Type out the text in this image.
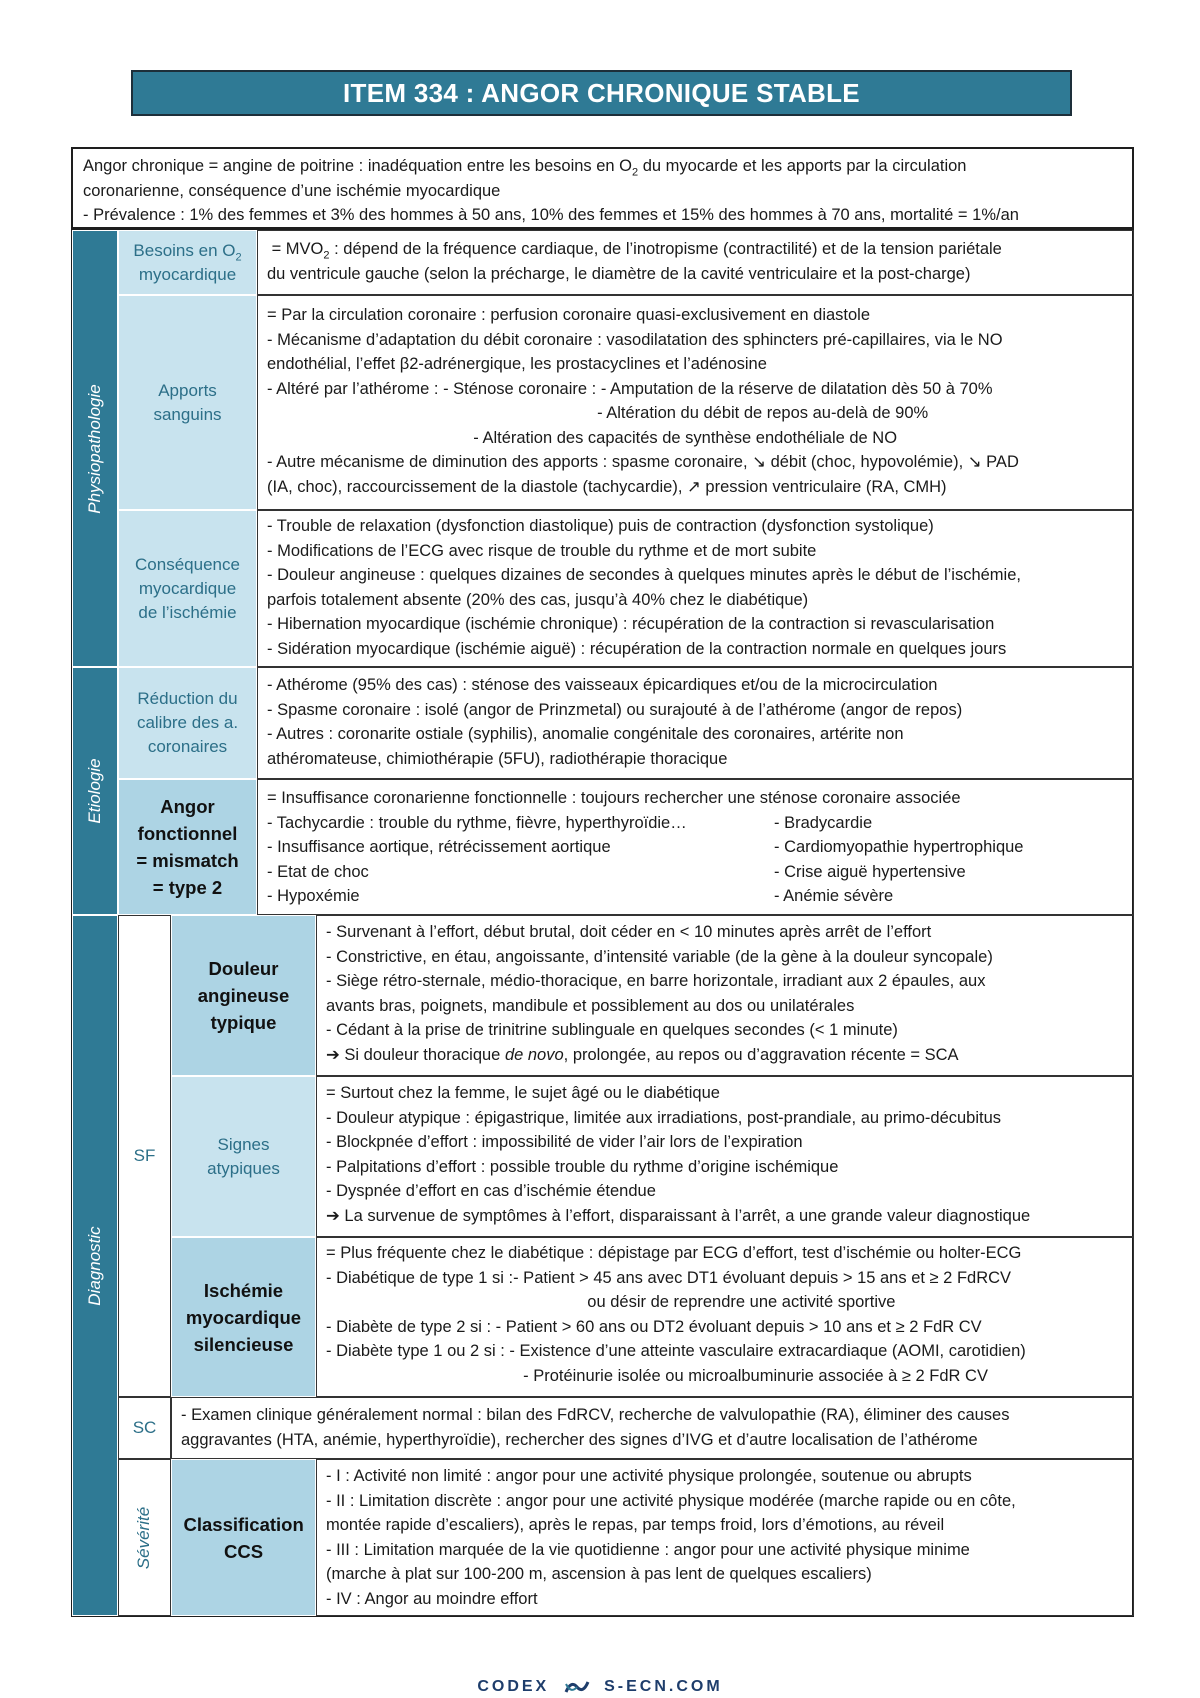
ITEM 334 : ANGOR CHRONIQUE STABLE
Angor chronique = angine de poitrine : inadéquation entre les besoins en $O_2$ du myocarde et les apports par la circulation
coronarienne, conséquence d’une ischémie myocardique
- Prévalence : 1% des femmes et 3% des hommes à 50 ans, 10% des femmes et 15% des hommes à 70 ans, mortalité = 1%/an
Physiopathologie
Etiologie
Diagnostic
Besoins en $O_2$
myocardique
= $MVO_2$ : dépend de la fréquence cardiaque, de l’inotropisme (contractilité) et de la tension pariétale
du ventricule gauche (selon la précharge, le diamètre de la cavité ventriculaire et la post-charge)
Apports sanguins
= Par la circulation coronaire : perfusion coronaire quasi-exclusivement en diastole
- Mécanisme d’adaptation du débit coronaire : vasodilatation des sphincters pré-capillaires, via le NO
endothélial, l’effet β2-adrénergique, les prostacyclines et l’adénosine
- Altéré par l’athérome : - Sténose coronaire : - Amputation de la réserve de dilatation dès 50 à 70%
- Altération du débit de repos au-delà de 90%
- Altération des capacités de synthèse endothéliale de NO
- Autre mécanisme de diminution des apports : spasme coronaire, ↘ débit (choc, hypovolémie), ↘ PAD
(IA, choc), raccourcissement de la diastole (tachycardie), ↗ pression ventriculaire (RA, CMH)
Conséquence myocardique de l’ischémie
- Trouble de relaxation (dysfonction diastolique) puis de contraction (dysfonction systolique)
- Modifications de l’ECG avec risque de trouble du rythme et de mort subite
- Douleur angineuse : quelques dizaines de secondes à quelques minutes après le début de l’ischémie,
parfois totalement absente (20% des cas, jusqu’à 40% chez le diabétique)
- Hibernation myocardique (ischémie chronique) : récupération de la contraction si revascularisation
- Sidération myocardique (ischémie aiguë) : récupération de la contraction normale en quelques jours
Réduction du calibre des a. coronaires
- Athérome (95% des cas) : sténose des vaisseaux épicardiques et/ou de la microcirculation
- Spasme coronaire : isolé (angor de Prinzmetal) ou surajouté à de l’athérome (angor de repos)
- Autres : coronarite ostiale (syphilis), anomalie congénitale des coronaires, artérite non
athéromateuse, chimiothérapie (5FU), radiothérapie thoracique
Angor fonctionnel = mismatch = type 2
= Insuffisance coronarienne fonctionnelle : toujours rechercher une sténose coronaire associée
- Tachycardie : trouble du rythme, fièvre, hyperthyroïdie…
- Insuffisance aortique, rétrécissement aortique
- Etat de choc
- Hypoxémie
- Bradycardie
- Cardiomyopathie hypertrophique
- Crise aiguë hypertensive
- Anémie sévère
SF
Douleur angineuse typique
- Survenant à l’effort, début brutal, doit céder en < 10 minutes après arrêt de l’effort
- Constrictive, en étau, angoissante, d’intensité variable (de la gène à la douleur syncopale)
- Siège rétro-sternale, médio-thoracique, en barre horizontale, irradiant aux 2 épaules, aux
avants bras, poignets, mandibule et possiblement au dos ou unilatérales
- Cédant à la prise de trinitrine sublinguale en quelques secondes (< 1 minute)
➔ Si douleur thoracique de novo, prolongée, au repos ou d’aggravation récente = SCA
Signes atypiques
= Surtout chez la femme, le sujet âgé ou le diabétique
- Douleur atypique : épigastrique, limitée aux irradiations, post-prandiale, au primo-décubitus
- Blockpnée d’effort : impossibilité de vider l’air lors de l’expiration
- Palpitations d’effort : possible trouble du rythme d’origine ischémique
- Dyspnée d’effort en cas d’ischémie étendue
➔ La survenue de symptômes à l’effort, disparaissant à l’arrêt, a une grande valeur diagnostique
Ischémie myocardique silencieuse
= Plus fréquente chez le diabétique : dépistage par ECG d’effort, test d’ischémie ou holter-ECG
- Diabétique de type 1 si :- Patient > 45 ans avec DT1 évoluant depuis > 15 ans et ≥ 2 FdRCV
ou désir de reprendre une activité sportive
- Diabète de type 2 si : - Patient > 60 ans ou DT2 évoluant depuis > 10 ans et ≥ 2 FdR CV
- Diabète type 1 ou 2 si : - Existence d’une atteinte vasculaire extracardiaque (AOMI, carotidien)
- Protéinurie isolée ou microalbuminurie associée à ≥ 2 FdR CV
SC
- Examen clinique généralement normal : bilan des FdRCV, recherche de valvulopathie (RA), éliminer des causes
aggravantes (HTA, anémie, hyperthyroïdie), rechercher des signes d’IVG et d’autre localisation de l’athérome
Sévérité Classification CCS
- I : Activité non limité : angor pour une activité physique prolongée, soutenue ou abrupts
- II : Limitation discrète : angor pour une activité physique modérée (marche rapide ou en côte,
montée rapide d’escaliers), après le repas, par temps froid, lors d’émotions, au réveil
- III : Limitation marquée de la vie quotidienne : angor pour une activité physique minime
(marche à plat sur 100-200 m, ascension à pas lent de quelques escaliers)
- IV : Angor au moindre effort
CODEX	S-ECN.COM
